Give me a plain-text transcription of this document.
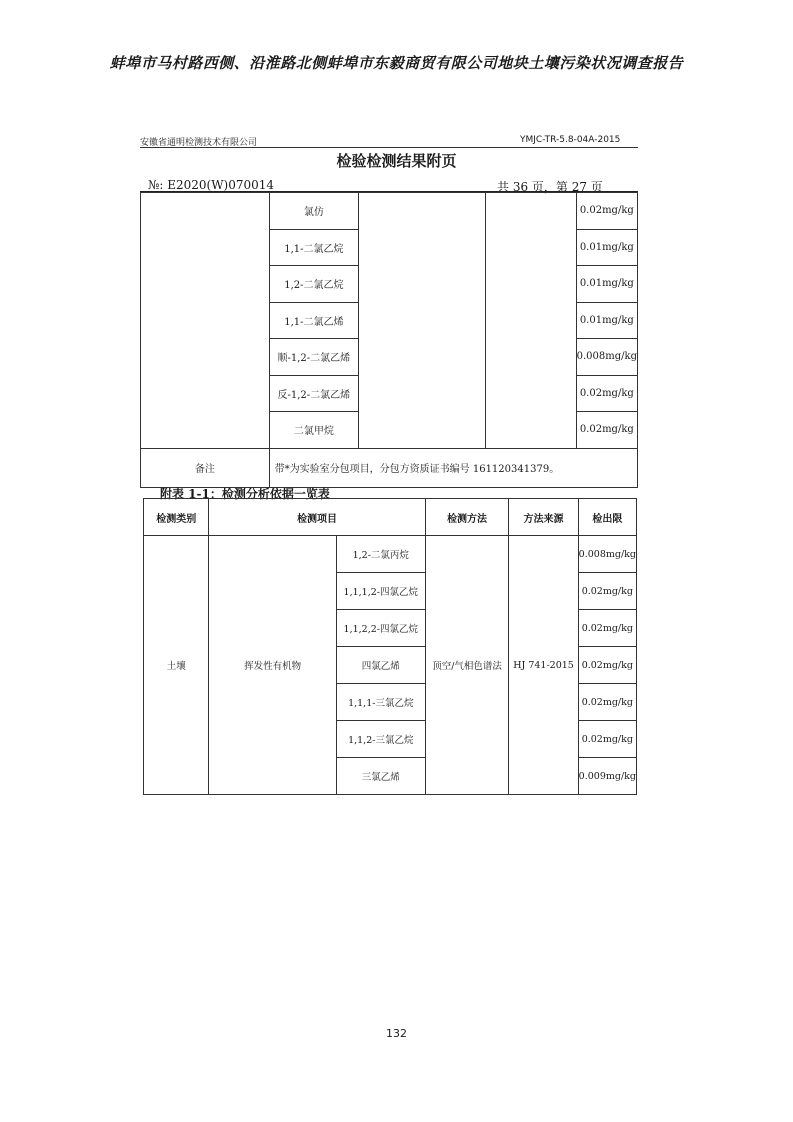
蚌埠市马村路西侧、沿淮路北侧蚌埠市东毅商贸有限公司地块土壤污染状况调查报告
安徽省通明检测技术有限公司	YMJC-TR-5.8-04A-2015
检验检测结果附页
№: E2020(W)070014	共 36 页，第 27 页
	氯仿			0.02mg/kg
	1,1-二氯乙烷			0.01mg/kg
	1,2-二氯乙烷			0.01mg/kg
	1,1-二氯乙烯			0.01mg/kg
	顺-1,2-二氯乙烯			0.008mg/kg
	反-1,2-二氯乙烯			0.02mg/kg
	二氯甲烷			0.02mg/kg
备注	带*为实验室分包项目，分包方资质证书编号 161120341379。			
附表 1-1：检测分析依据一览表
检测类别	检测项目		检测方法	方法来源	检出限
土壤	挥发性有机物	1,2-二氯丙烷	顶空/气相色谱法	HJ 741-2015	0.008mg/kg
		1,1,1,2-四氯乙烷			0.02mg/kg
		1,1,2,2-四氯乙烷			0.02mg/kg
		四氯乙烯			0.02mg/kg
		1,1,1-三氯乙烷			0.02mg/kg
		1,1,2-三氯乙烷			0.02mg/kg
		三氯乙烯			0.009mg/kg
132
